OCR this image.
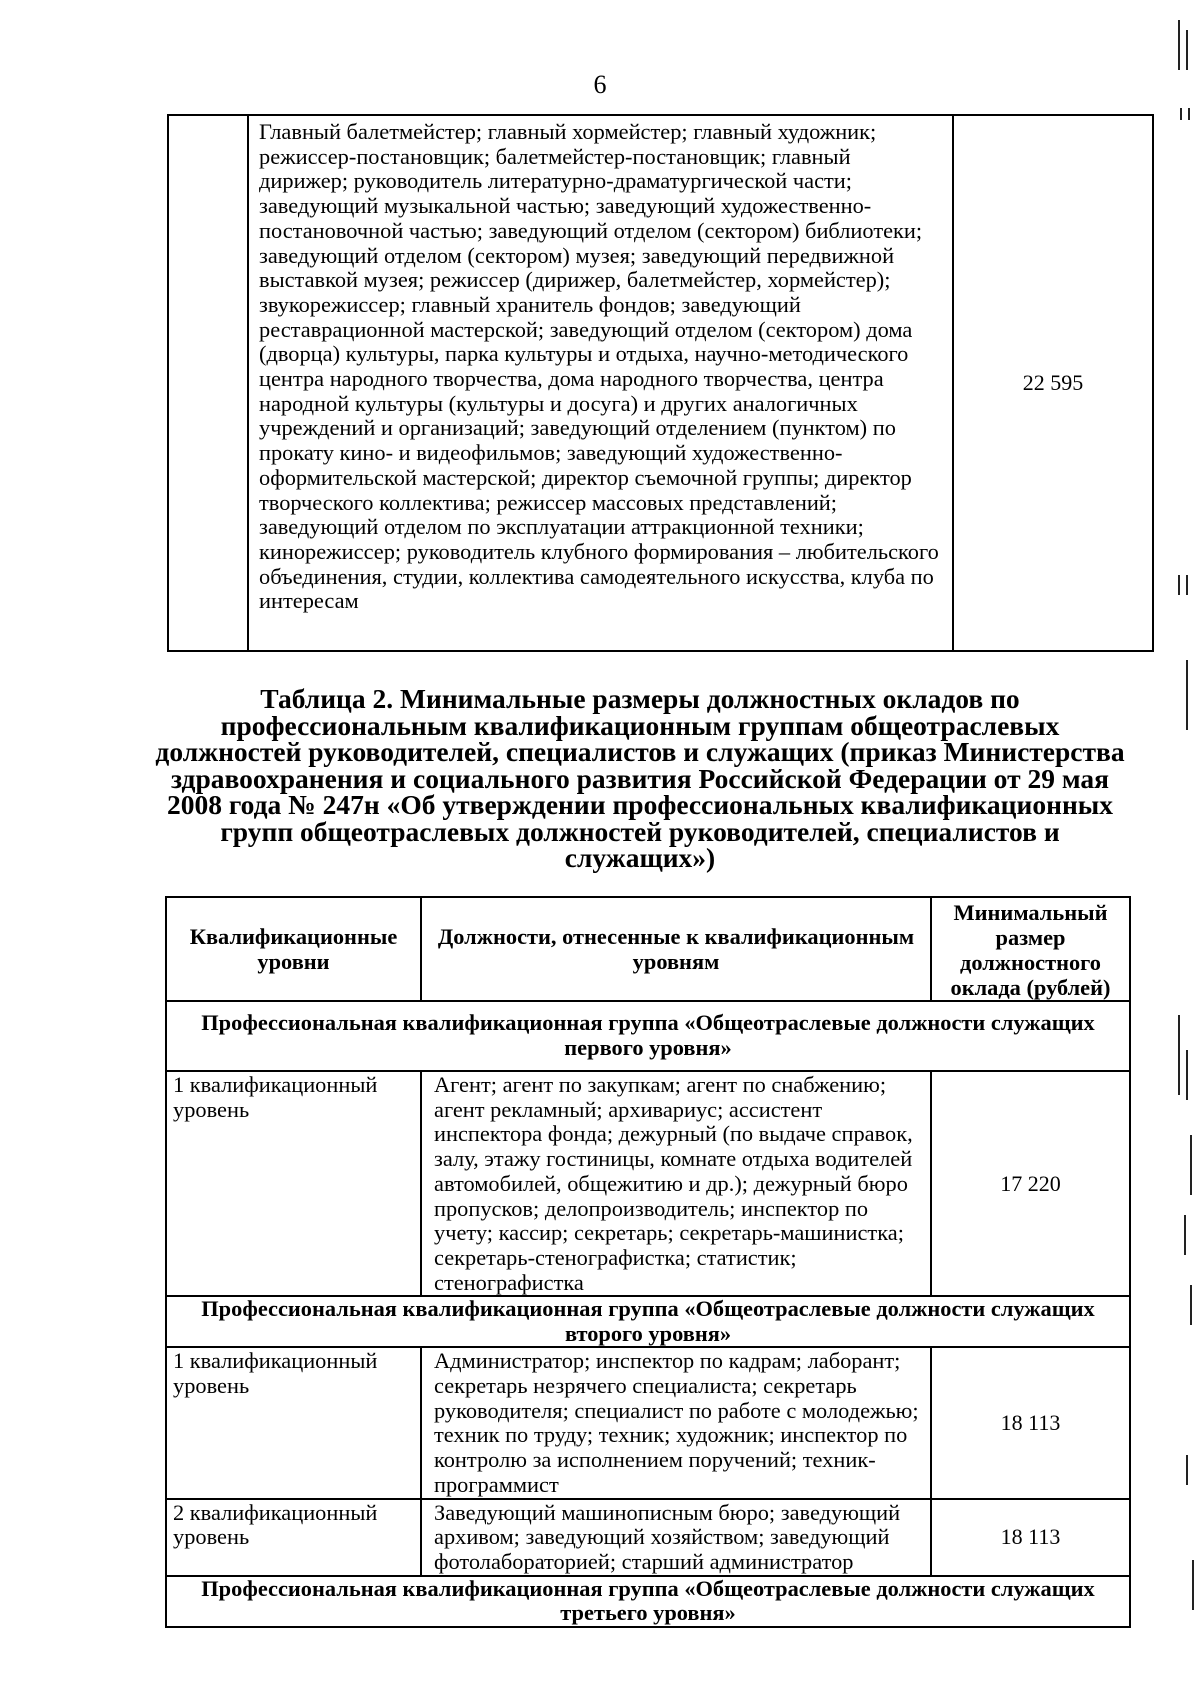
6
	Главный балетмейстер; главный хормейстер; главный художник; режиссер-постановщик; балетмейстер-постановщик; главный дирижер; руководитель литературно-драматургической части; заведующий музыкальной частью; заведующий художественно-постановочной частью; заведующий отделом (сектором) библиотеки; заведующий отделом (сектором) музея; заведующий передвижной выставкой музея; режиссер (дирижер, балетмейстер, хормейстер); звукорежиссер; главный хранитель фондов; заведующий реставрационной мастерской; заведующий отделом (сектором) дома (дворца) культуры, парка культуры и отдыха, научно-методического центра народного творчества, дома народного творчества, центра народной культуры (культуры и досуга) и других аналогичных учреждений и организаций; заведующий отделением (пунктом) по прокату кино- и видеофильмов; заведующий художественно-оформительской мастерской; директор съемочной группы; директор творческого коллектива; режиссер массовых представлений; заведующий отделом по эксплуатации аттракционной техники; кинорежиссер; руководитель клубного формирования – любительского объединения, студии, коллектива самодеятельного искусства, клуба по интересам	22 595
Таблица 2. Минимальные размеры должностных окладов по профессиональным квалификационным группам общеотраслевых должностей руководителей, специалистов и служащих (приказ Министерства здравоохранения и социального развития Российской Федерации от 29 мая 2008 года № 247н «Об утверждении профессиональных квалификационных групп общеотраслевых должностей руководителей, специалистов и служащих»)
Квалификационные уровни	Должности, отнесенные к квалификационным уровням	Минимальный размер должностного оклада (рублей)
Профессиональная квалификационная группа «Общеотраслевые должности служащих первого уровня»		
1 квалификационный уровень	Агент; агент по закупкам; агент по снабжению; агент рекламный; архивариус; ассистент инспектора фонда; дежурный (по выдаче справок, залу, этажу гостиницы, комнате отдыха водителей автомобилей, общежитию и др.); дежурный бюро пропусков; делопроизводитель; инспектор по учету; кассир; секретарь; секретарь-машинистка; секретарь-стенографистка; статистик; стенографистка	17 220
Профессиональная квалификационная группа «Общеотраслевые должности служащих второго уровня»		
1 квалификационный уровень	Администратор; инспектор по кадрам; лаборант; секретарь незрячего специалиста; секретарь руководителя; специалист по работе с молодежью; техник по труду; техник; художник; инспектор по контролю за исполнением поручений; техник-программист	18 113
2 квалификационный уровень	Заведующий машинописным бюро; заведующий архивом; заведующий хозяйством; заведующий фотолабораторией; старший администратор	18 113
Профессиональная квалификационная группа «Общеотраслевые должности служащих третьего уровня»		
